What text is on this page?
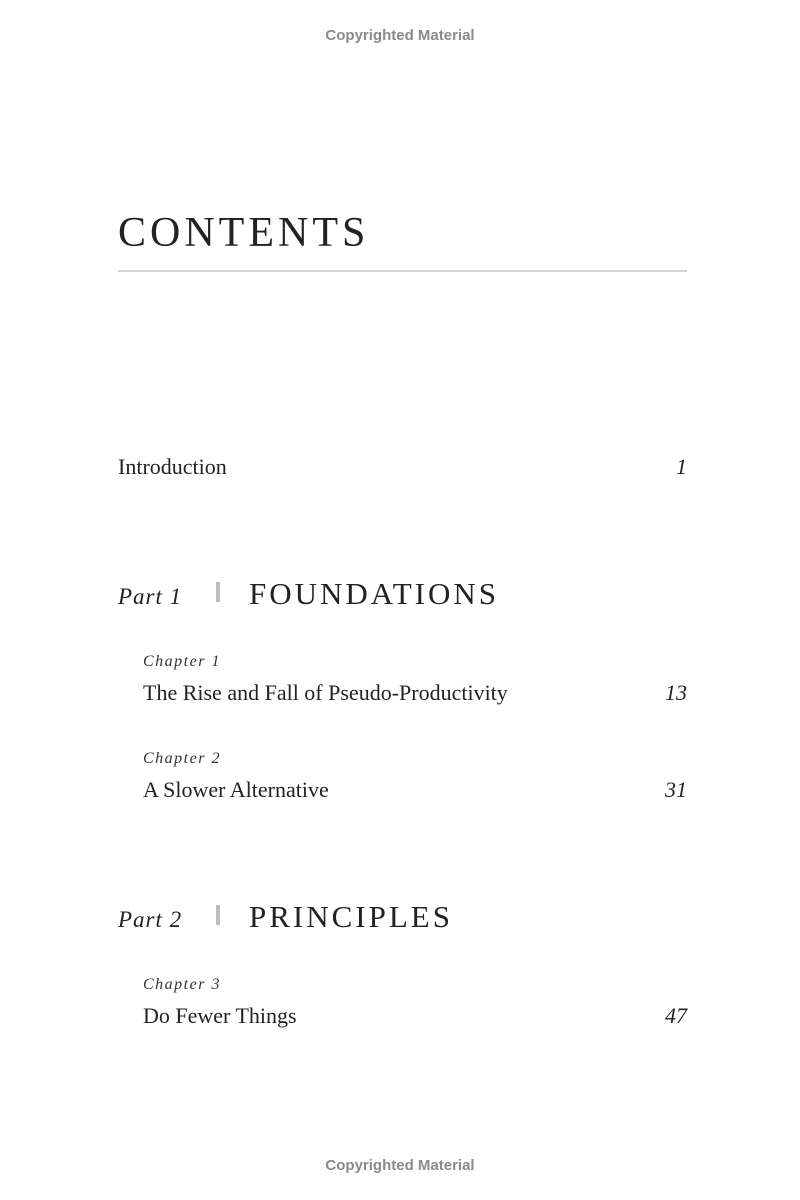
Copyrighted Material
CONTENTS
Introduction	1
Part 1 FOUNDATIONS
Chapter 1
The Rise and Fall of Pseudo-Productivity	13
Chapter 2
A Slower Alternative	31
Part 2 PRINCIPLES
Chapter 3
Do Fewer Things	47
Copyrighted Material
